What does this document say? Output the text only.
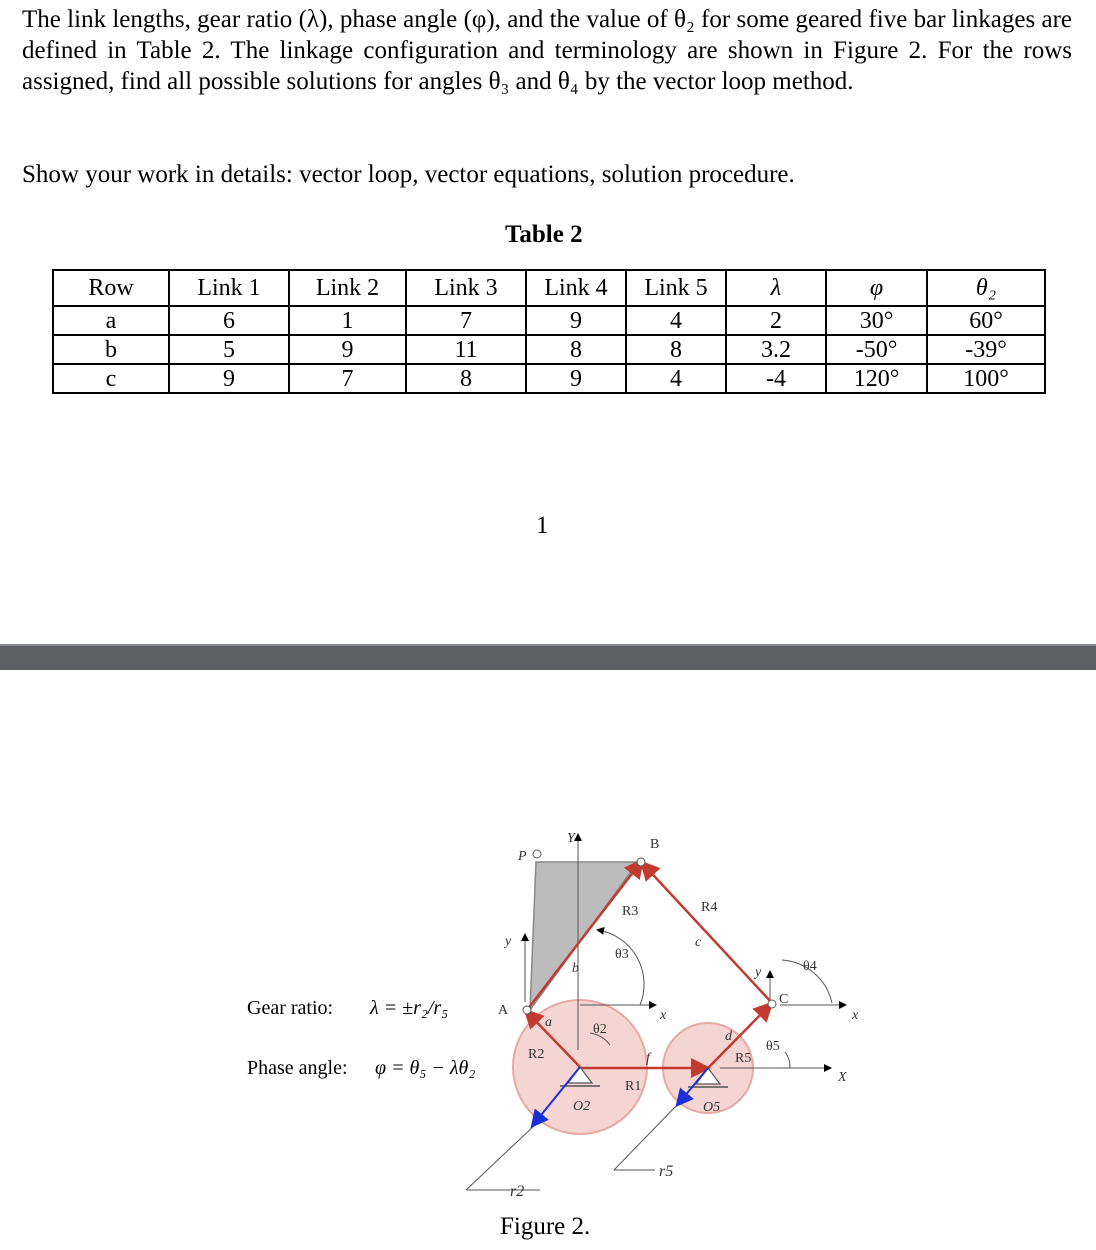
The link lengths, gear ratio (λ), phase angle (φ), and the value of θ₂ for some geared five bar linkages are defined in Table 2. The linkage configuration and terminology are shown in Figure 2. For the rows assigned, find all possible solutions for angles θ₃ and θ₄ by the vector loop method.

Show your work in details: vector loop, vector equations, solution procedure.

Table 2
Row	Link 1	Link 2	Link 3	Link 4	Link 5	λ	φ	θ₂
a	6	1	7	9	4	2	30°	60°
b	5	9	11	8	8	3.2	-50°	-39°
c	9	7	8	9	4	-4	120°	100°
1
Gear ratio: λ = ±r₂/r₅
Phase angle: φ = θ₅ − λθ₂
P
Y	B
R3	R4
c
y
θ3
b	y	θ4
A
a	θ2
x
C
x
d
θ5
R2	f	R5
X
R1
O2	O5
r5
r2
Figure 2.
